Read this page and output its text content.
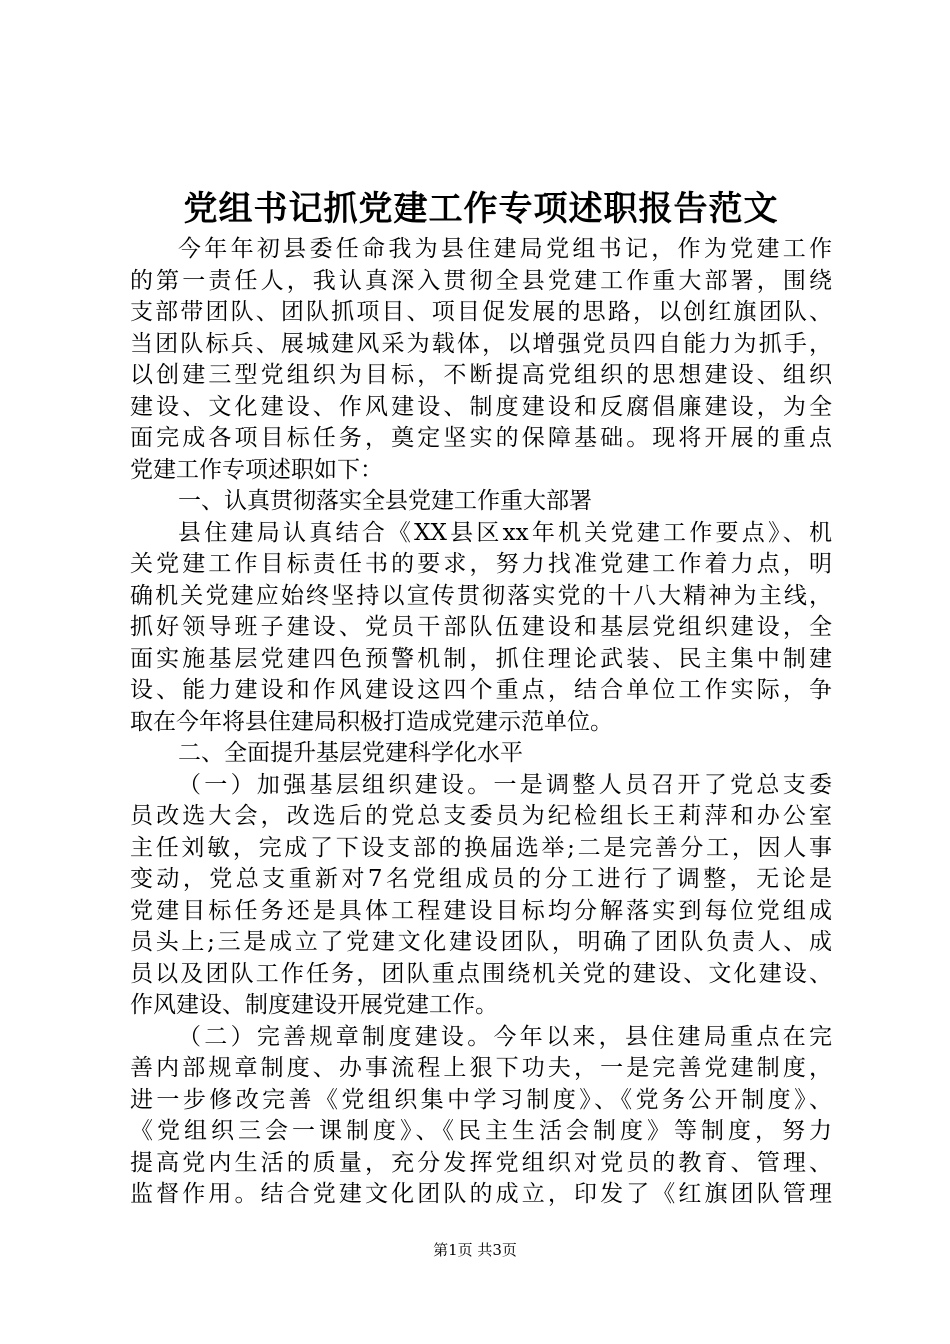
党组书记抓党建工作专项述职报告范文
今年年初县委任命我为县住建局党组书记，作为党建工作
的第一责任人，我认真深入贯彻全县党建工作重大部署，围绕
支部带团队、团队抓项目、项目促发展的思路，以创红旗团队、
当团队标兵、展城建风采为载体，以增强党员四自能力为抓手，
以创建三型党组织为目标，不断提高党组织的思想建设、组织
建设、文化建设、作风建设、制度建设和反腐倡廉建设，为全
面完成各项目标任务，奠定坚实的保障基础。现将开展的重点
党建工作专项述职如下：
一、认真贯彻落实全县党建工作重大部署
县住建局认真结合《XX县区xx年机关党建工作要点》、机
关党建工作目标责任书的要求，努力找准党建工作着力点，明
确机关党建应始终坚持以宣传贯彻落实党的十八大精神为主线，
抓好领导班子建设、党员干部队伍建设和基层党组织建设，全
面实施基层党建四色预警机制，抓住理论武装、民主集中制建
设、能力建设和作风建设这四个重点，结合单位工作实际，争
取在今年将县住建局积极打造成党建示范单位。
二、全面提升基层党建科学化水平
（一）加强基层组织建设。一是调整人员召开了党总支委
员改选大会，改选后的党总支委员为纪检组长王莉萍和办公室
主任刘敏，完成了下设支部的换届选举;二是完善分工，因人事
变动，党总支重新对7名党组成员的分工进行了调整，无论是
党建目标任务还是具体工程建设目标均分解落实到每位党组成
员头上;三是成立了党建文化建设团队，明确了团队负责人、成
员以及团队工作任务，团队重点围绕机关党的建设、文化建设、
作风建设、制度建设开展党建工作。
（二）完善规章制度建设。今年以来，县住建局重点在完
善内部规章制度、办事流程上狠下功夫，一是完善党建制度，
进一步修改完善《党组织集中学习制度》、《党务公开制度》、
《党组织三会一课制度》、《民主生活会制度》等制度，努力
提高党内生活的质量，充分发挥党组织对党员的教育、管理、
监督作用。结合党建文化团队的成立，印发了《红旗团队管理
第1页 共3页
